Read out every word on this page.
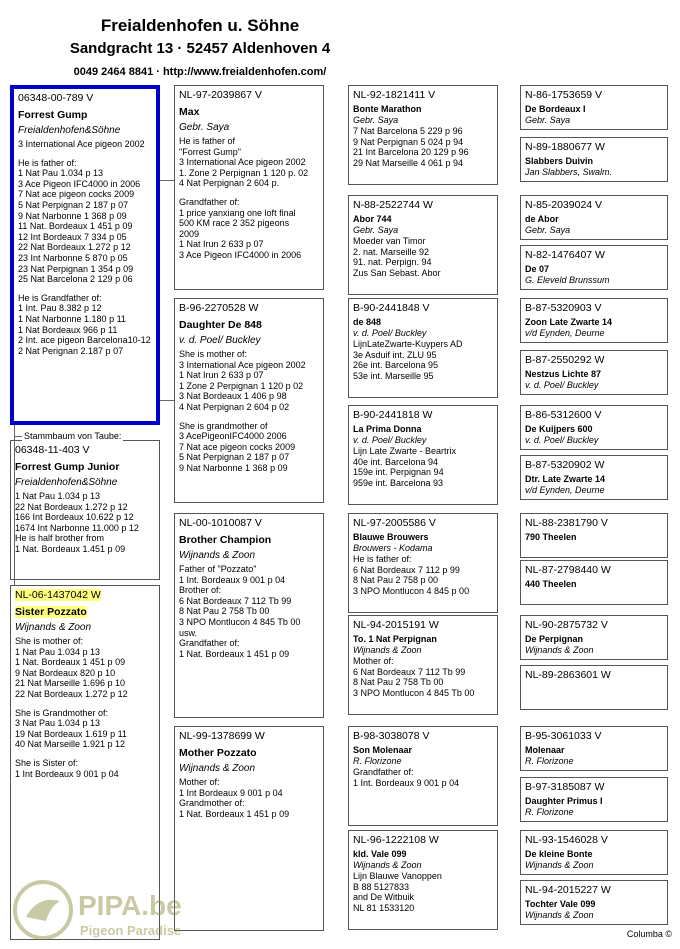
Freialdenhofen u. Söhne
Sandgracht 13 · 52457 Aldenhoven 4
0049 2464 8841 · http://www.freialdenhofen.com/
06348-00-789 V
Forrest Gump
Freialdenhofen&Söhne
3 International Ace pigeon 2002
He is father of:
1 Nat Pau 1.034 p 13
3 Ace Pigeon IFC4000 in 2006
7 Nat ace pigeon cocks 2009
5 Nat Perpignan 2 187 p 07
9 Nat Narbonne 1 368 p 09
11 Nat. Bordeaux 1 451 p 09
12 Int Bordeaux 7 334 p 05
22 Nat Bordeaux 1.272 p 12
23 Int Narbonne 5 870 p 05
23 Nat Perpignan 1 354 p 09
25 Nat Barcelona 2 129 p 06
He is Grandfather of:
1 Int. Pau 8.382 p 12
1 Nat Narbonne 1.180 p 11
1 Nat Bordeaux 966 p 11
2 Int. ace pigeon Barcelona10-12
2 Nat Perignan 2.187 p 07
06348-11-403 V
Forrest Gump Junior
Freialdenhofen&Söhne
1 Nat Pau 1.034 p 13
22 Nat Bordeaux 1.272 p 12
166 Int Bordeaux 10.622 p 12
1674 Int Narbonne 11.000 p 12
He is half brother from
1 Nat. Bordeaux 1.451 p 09
NL-06-1437042 W
Sister Pozzato
Wijnands & Zoon
She is mother of:
1 Nat Pau 1.034 p 13
1 Nat. Bordeaux 1 451 p 09
9 Nat Bordeaux 820 p 10
21 Nat Marseille 1.696 p 10
22 Nat Bordeaux 1.272 p 12
She is Grandmother of:
3 Nat Pau 1.034 p 13
19 Nat Bordeaux 1.619 p 11
40 Nat Marseille 1.921 p 12
She is Sister of:
1 Int Bordeaux 9 001 p 04
NL-97-2039867 V
Max
Gebr. Saya
He is father of
"Forrest Gump"
3 International Ace pigeon 2002
1. Zone 2 Perpignan 1 120 p. 02
4 Nat Perpignan 2 604 p.
Grandfather of:
1 price yanxiang one loft final
500 KM race 2 352 pigeons
2009
1 Nat Irun 2 633 p 07
3 Ace Pigeon IFC4000 in 2006
B-96-2270528 W
Daughter De 848
v. d. Poel/ Buckley
She is mother of:
3 International Ace pigeon 2002
1 Nat Irun 2 633 p 07
1 Zone 2 Perpignan 1 120 p 02
3 Nat Bordeaux 1 406 p 98
4 Nat Perpignan 2 604 p 02
She is grandmother of
3 AcePigeonIFC4000 2006
7 Nat ace pigeon cocks 2009
5 Nat Perpignan 2 187 p 07
9 Nat Narbonne 1 368 p 09
NL-00-1010087 V
Brother Champion
Wijnands & Zoon
Father of "Pozzato"
1 Int. Bordeaux 9 001 p 04
Brother of:
6 Nat Bordeaux 7 112 Tb 99
8 Nat Pau 2 758 Tb 00
3 NPO Montlucon 4 845 Tb 00
usw.
Grandfather of:
1 Nat. Bordeaux 1 451 p 09
NL-99-1378699 W
Mother Pozzato
Wijnands & Zoon
Mother of:
1 Int Bordeaux 9 001 p 04
Grandmother of:
1 Nat. Bordeaux 1 451 p 09
NL-92-1821411 V
Bonte Marathon
Gebr. Saya
7 Nat Barcelona 5 229 p 96
9 Nat Perpignan 5 024 p 94
21 Int Barcelona 20 129 p 96
29 Nat Marseille 4 061 p 94
N-88-2522744 W
Abor 744
Gebr. Saya
Moeder van Timor
2. nat. Marseille 92
91. nat. Perpign. 94
Zus San Sebast. Abor
B-90-2441848 V
de 848
v. d. Poel/ Buckley
LijnLateZwarte-Kuypers AD
3e Asduif int. ZLU 95
26e int. Barcelona 95
53e int. Marseille 95
B-90-2441818 W
La Prima Donna
v. d. Poel/ Buckley
Lijn Late Zwarte - Beartrix
40e int. Barcelona 94
159e int. Perpignan 94
959e int. Barcelona 93
NL-97-2005586 V
Blauwe Brouwers
Brouwers - Kodama
He is father of:
6 Nat Bordeaux 7 112 p 99
8 Nat Pau 2 758 p 00
3 NPO Montlucon 4 845 p 00
NL-94-2015191 W
To. 1 Nat Perpignan
Wijnands & Zoon
Mother of:
6 Nat Bordeaux 7 112 Tb 99
8 Nat Pau 2 758 Tb 00
3 NPO Montlucon 4 845 Tb 00
B-98-3038078 V
Son Molenaar
R. Florizone
Grandfather of:
1 Int. Bordeaux 9 001 p 04
NL-96-1222108 W
kld. Vale 099
Wijnands & Zoon
Lijn Blauwe Vanoppen
B 88 5127833
and De Witbuik
NL 81 1533120
N-86-1753659 V
De Bordeaux I
Gebr. Saya
N-89-1880677 W
Slabbers Duivin
Jan Slabbers, Swalm.
N-85-2039024 V
de Abor
Gebr. Saya
N-82-1476407 W
De 07
G. Eleveld Brunssum
B-87-5320903 V
Zoon Late Zwarte 14
v/d Eynden, Deurne
B-87-2550292 W
Nestzus Lichte 87
v. d. Poel/ Buckley
B-86-5312600 V
De Kuijpers 600
v. d. Poel/ Buckley
B-87-5320902 W
Dtr. Late Zwarte 14
v/d Eynden, Deurne
NL-88-2381790 V
790 Theelen
NL-87-2798440 W
440 Theelen
NL-90-2875732 V
De Perpignan
Wijnands & Zoon
NL-89-2863601 W
B-95-3061033 V
Molenaar
R. Florizone
B-97-3185087 W
Daughter Primus I
R. Florizone
NL-93-1546028 V
De kleine Bonte
Wijnands & Zoon
NL-94-2015227 W
Tochter Vale 099
Wijnands & Zoon
Stammbaum von Taube:
PIPA.be
Pigeon Paradise	Columba ©
